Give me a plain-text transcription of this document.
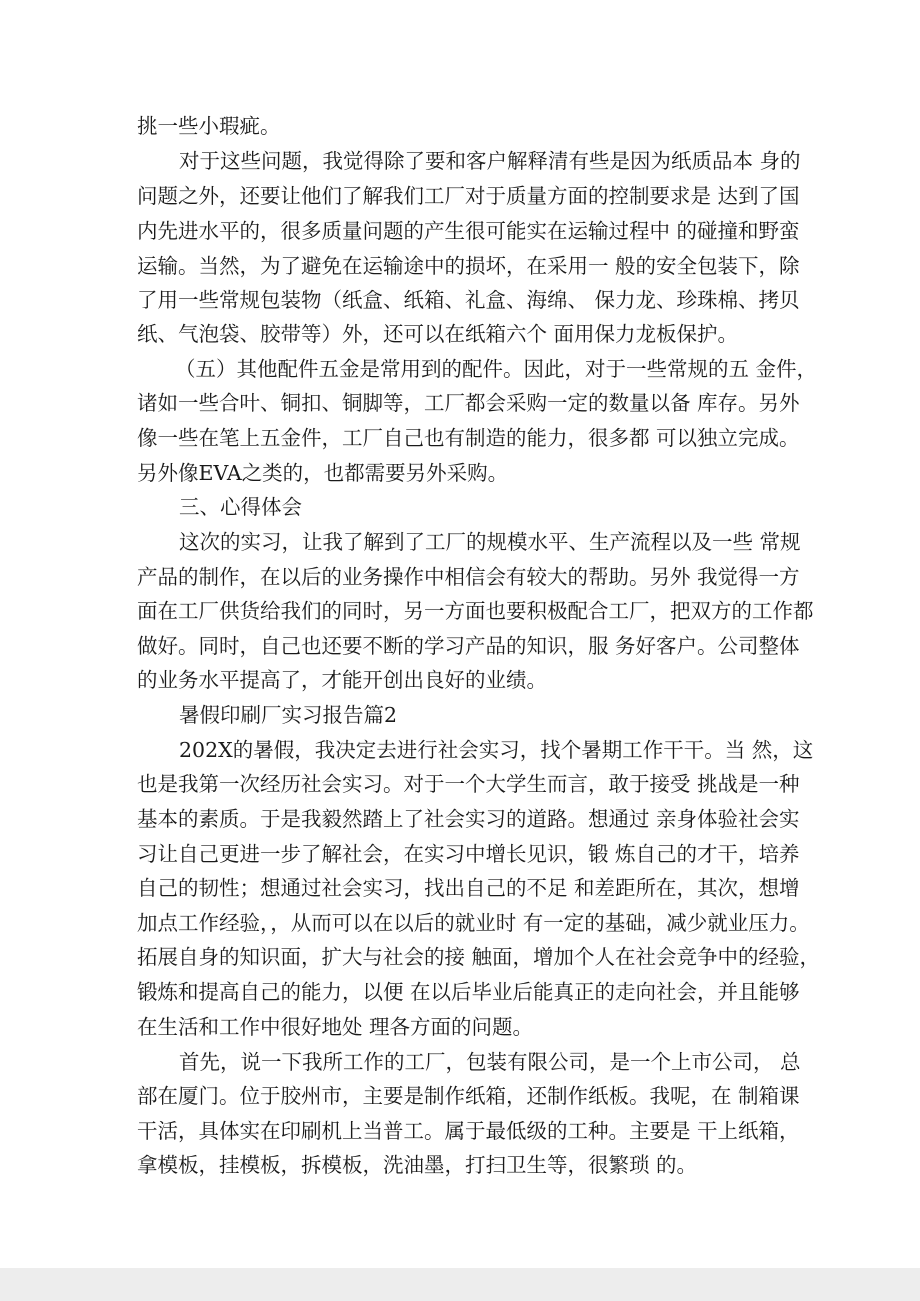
挑一些小瑕疵。
对于这些问题，我觉得除了要和客户解释清有些是因为纸质品本 身的
问题之外，还要让他们了解我们工厂对于质量方面的控制要求是 达到了国
内先进水平的，很多质量问题的产生很可能实在运输过程中 的碰撞和野蛮
运输。当然，为了避免在运输途中的损坏，在采用一 般的安全包装下，除
了用一些常规包装物（纸盒、纸箱、礼盒、海绵、 保力龙、珍珠棉、拷贝
纸、气泡袋、胶带等）外，还可以在纸箱六个 面用保力龙板保护。
（五）其他配件五金是常用到的配件。因此，对于一些常规的五 金件，
诸如一些合叶、铜扣、铜脚等，工厂都会采购一定的数量以备 库存。另外
像一些在笔上五金件，工厂自己也有制造的能力，很多都 可以独立完成。
另外像EVA之类的，也都需要另外采购。
三、心得体会
这次的实习，让我了解到了工厂的规模水平、生产流程以及一些 常规
产品的制作，在以后的业务操作中相信会有较大的帮助。另外 我觉得一方
面在工厂供货给我们的同时，另一方面也要积极配合工厂，把双方的工作都
做好。同时，自己也还要不断的学习产品的知识，服 务好客户。公司整体
的业务水平提高了，才能开创出良好的业绩。
暑假印刷厂实习报告篇2
202X的暑假，我决定去进行社会实习，找个暑期工作干干。当 然，这
也是我第一次经历社会实习。对于一个大学生而言，敢于接受 挑战是一种
基本的素质。于是我毅然踏上了社会实习的道路。想通过 亲身体验社会实
习让自己更进一步了解社会，在实习中增长见识，锻 炼自己的才干，培养
自己的韧性；想通过社会实习，找出自己的不足 和差距所在，其次，想增
加点工作经验，，从而可以在以后的就业时 有一定的基础，减少就业压力。
拓展自身的知识面，扩大与社会的接 触面，增加个人在社会竞争中的经验，
锻炼和提高自己的能力，以便 在以后毕业后能真正的走向社会，并且能够
在生活和工作中很好地处 理各方面的问题。
首先，说一下我所工作的工厂，包装有限公司，是一个上市公司， 总
部在厦门。位于胶州市，主要是制作纸箱，还制作纸板。我呢，在 制箱课
干活，具体实在印刷机上当普工。属于最低级的工种。主要是 干上纸箱，
拿模板，挂模板，拆模板，洗油墨，打扫卫生等，很繁琐 的。
